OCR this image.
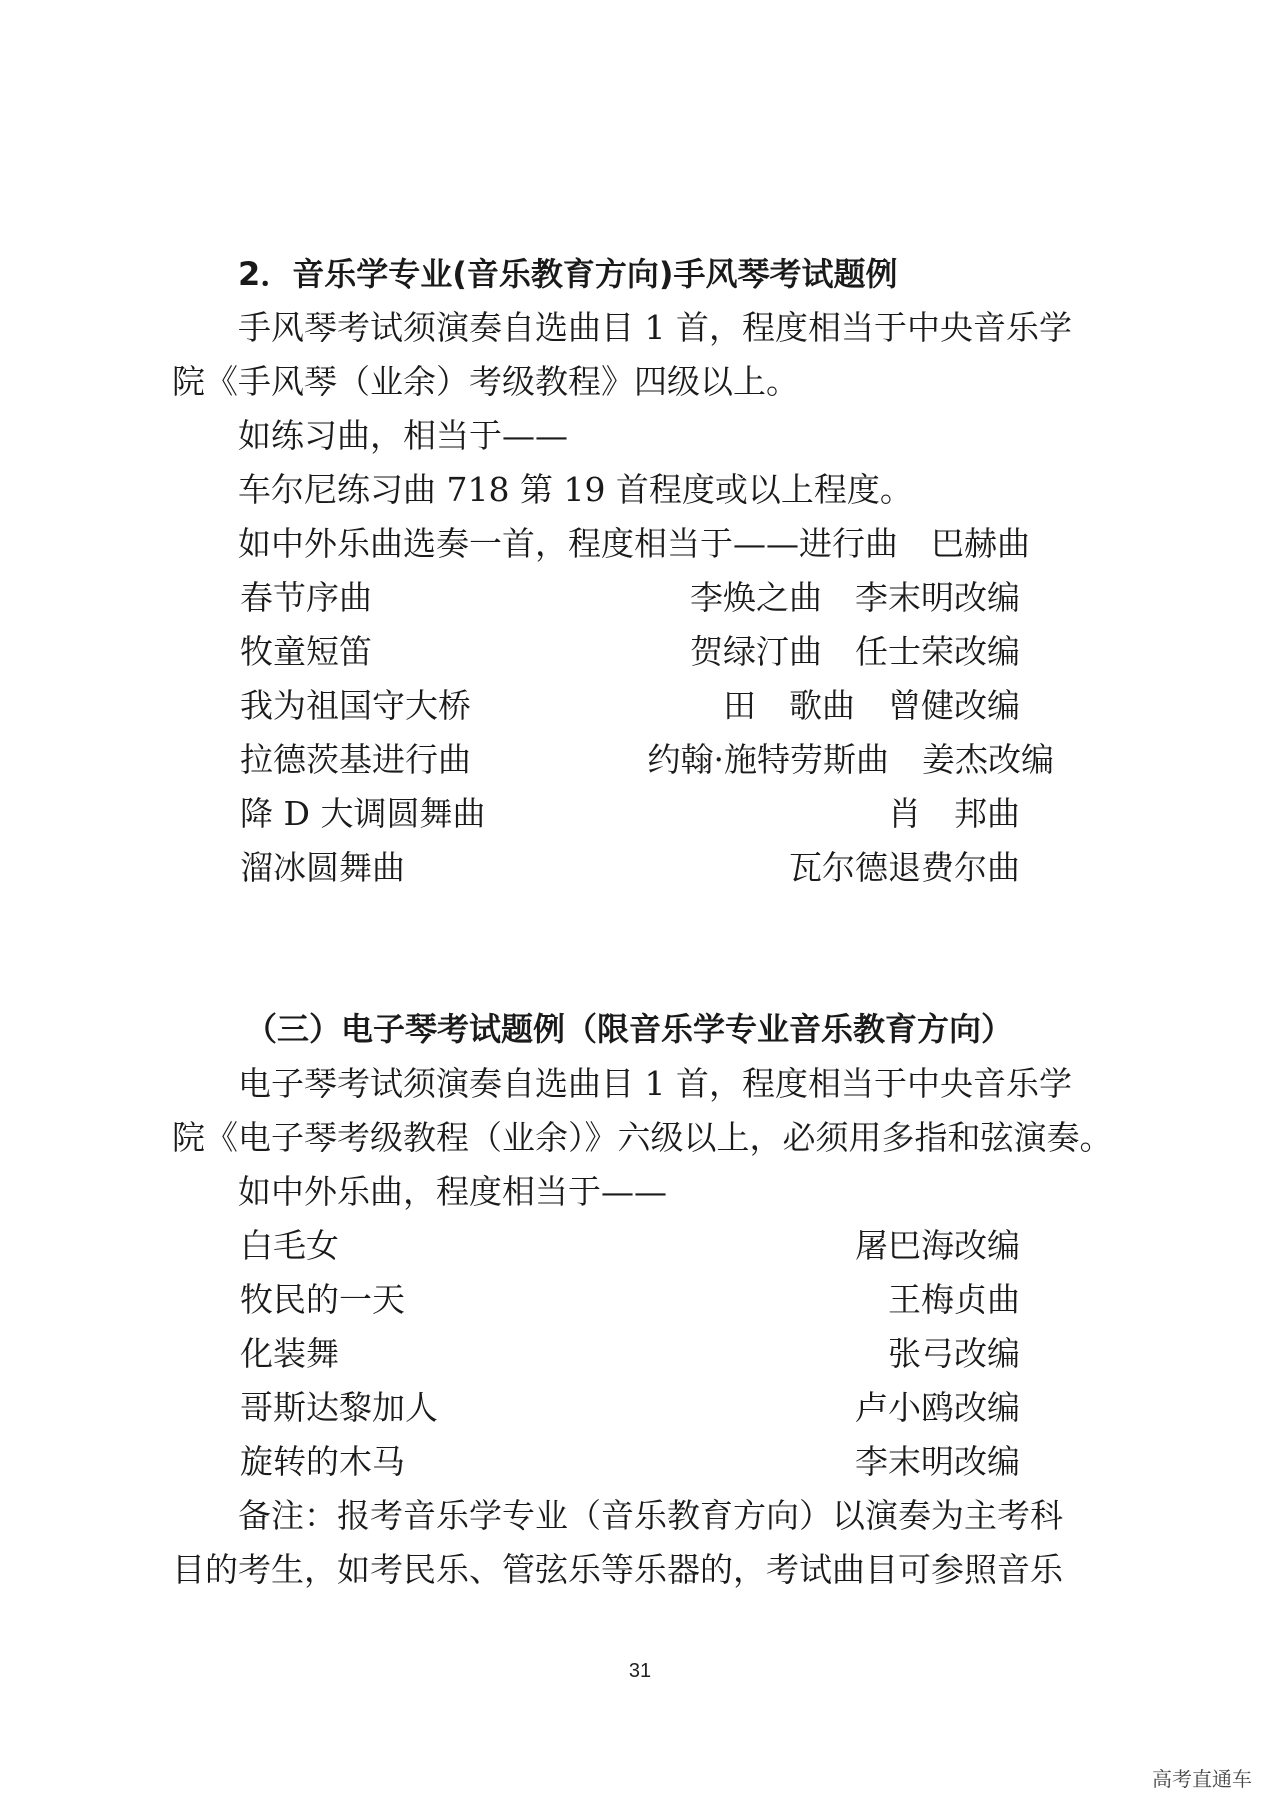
2．音乐学专业(音乐教育方向)手风琴考试题例
手风琴考试须演奏自选曲目 1 首，程度相当于中央音乐学
院《手风琴（业余）考级教程》四级以上。
如练习曲，相当于——
车尔尼练习曲 718 第 19 首程度或以上程度。
如中外乐曲选奏一首，程度相当于——进行曲　巴赫曲
春节序曲	李焕之曲　李末明改编
牧童短笛	贺绿汀曲　任士荣改编
我为祖国守大桥	田　歌曲　曾健改编
拉德茨基进行曲	约翰·施特劳斯曲　姜杰改编
降 D 大调圆舞曲	肖　邦曲
溜冰圆舞曲	瓦尔德退费尔曲
（三）电子琴考试题例（限音乐学专业音乐教育方向）
电子琴考试须演奏自选曲目 1 首，程度相当于中央音乐学
院《电子琴考级教程（业余）》六级以上，必须用多指和弦演奏。
如中外乐曲，程度相当于——
白毛女	屠巴海改编
牧民的一天	王梅贞曲
化装舞	张弓改编
哥斯达黎加人	卢小鸥改编
旋转的木马	李末明改编
备注：报考音乐学专业（音乐教育方向）以演奏为主考科
目的考生，如考民乐、管弦乐等乐器的，考试曲目可参照音乐
31
高考直通车
